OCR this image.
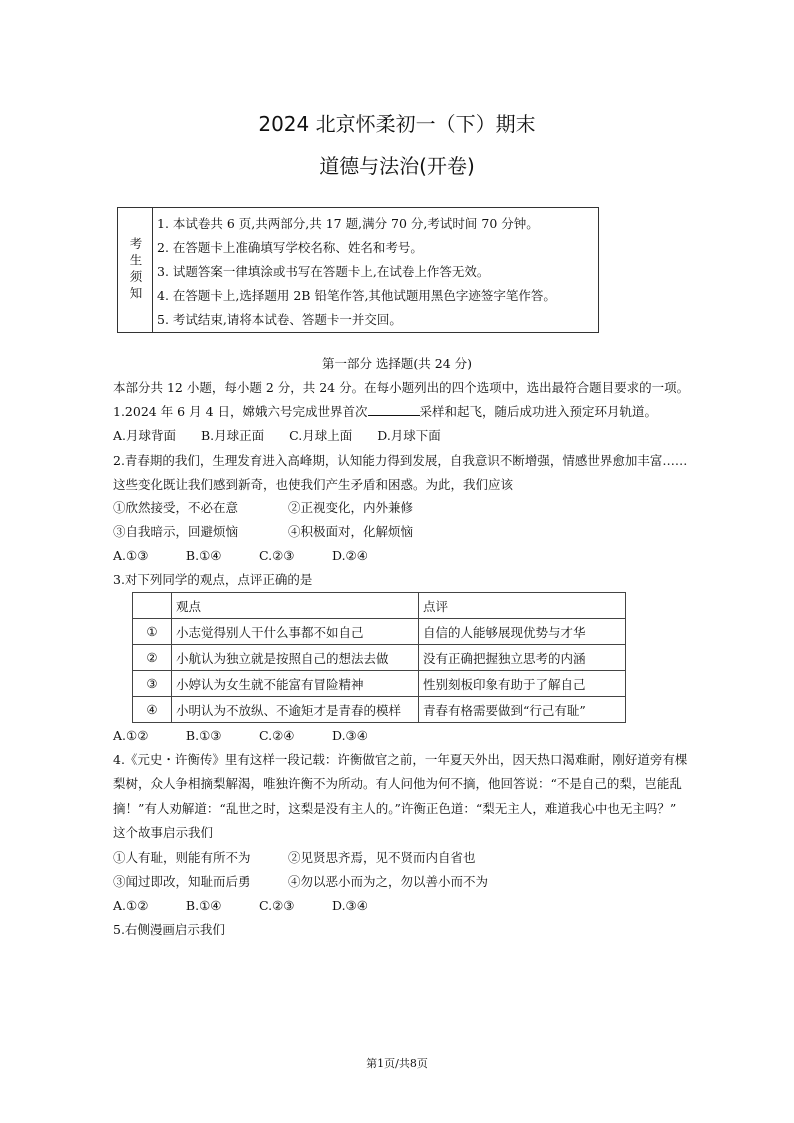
2024 北京怀柔初一（下）期末
道德与法治(开卷)
考生须知
1. 本试卷共 6 页,共两部分,共 17 题,满分 70 分,考试时间 70 分钟。
2. 在答题卡上准确填写学校名称、姓名和考号。
3. 试题答案一律填涂或书写在答题卡上,在试卷上作答无效。
4. 在答题卡上,选择题用 2B 铅笔作答,其他试题用黑色字迹签字笔作答。
5. 考试结束,请将本试卷、答题卡一并交回。
第一部分 选择题(共 24 分)
本部分共 12 小题，每小题 2 分，共 24 分。在每小题列出的四个选项中，选出最符合题目要求的一项。
1.2024 年 6 月 4 日，嫦娥六号完成世界首次	采样和起飞，随后成功进入预定环月轨道。
A.月球背面　　B.月球正面　　C.月球上面　　D.月球下面
2.青春期的我们，生理发育进入高峰期，认知能力得到发展，自我意识不断增强，情感世界愈加丰富……
这些变化既让我们感到新奇，也使我们产生矛盾和困惑。为此，我们应该
①欣然接受，不必在意　　　　②正视变化，内外兼修
③自我暗示，回避烦恼　　　　④积极面对，化解烦恼
A.①③　　　B.①④　　　C.②③　　　D.②④
3.对下列同学的观点，点评正确的是
	观点	点评
①	小志觉得别人干什么事都不如自己	自信的人能够展现优势与才华
②	小航认为独立就是按照自己的想法去做	没有正确把握独立思考的内涵
③	小婷认为女生就不能富有冒险精神	性别刻板印象有助于了解自己
④	小明认为不放纵、不逾矩才是青春的模样	青春有格需要做到“行己有耻”
A.①②　　　B.①③　　　C.②④　　　D.③④
4.《元史・许衡传》里有这样一段记载：许衡做官之前，一年夏天外出，因天热口渴难耐，刚好道旁有棵
梨树，众人争相摘梨解渴，唯独许衡不为所动。有人问他为何不摘，他回答说：“不是自己的梨，岂能乱
摘！”有人劝解道：“乱世之时，这梨是没有主人的。”许衡正色道：“梨无主人，难道我心中也无主吗？”
这个故事启示我们
①人有耻，则能有所不为　　　②见贤思齐焉，见不贤而内自省也
③闻过即改，知耻而后勇　　　④勿以恶小而为之，勿以善小而不为
A.①②　　　B.①④　　　C.②③　　　D.③④
5.右侧漫画启示我们
第1页/共8页
